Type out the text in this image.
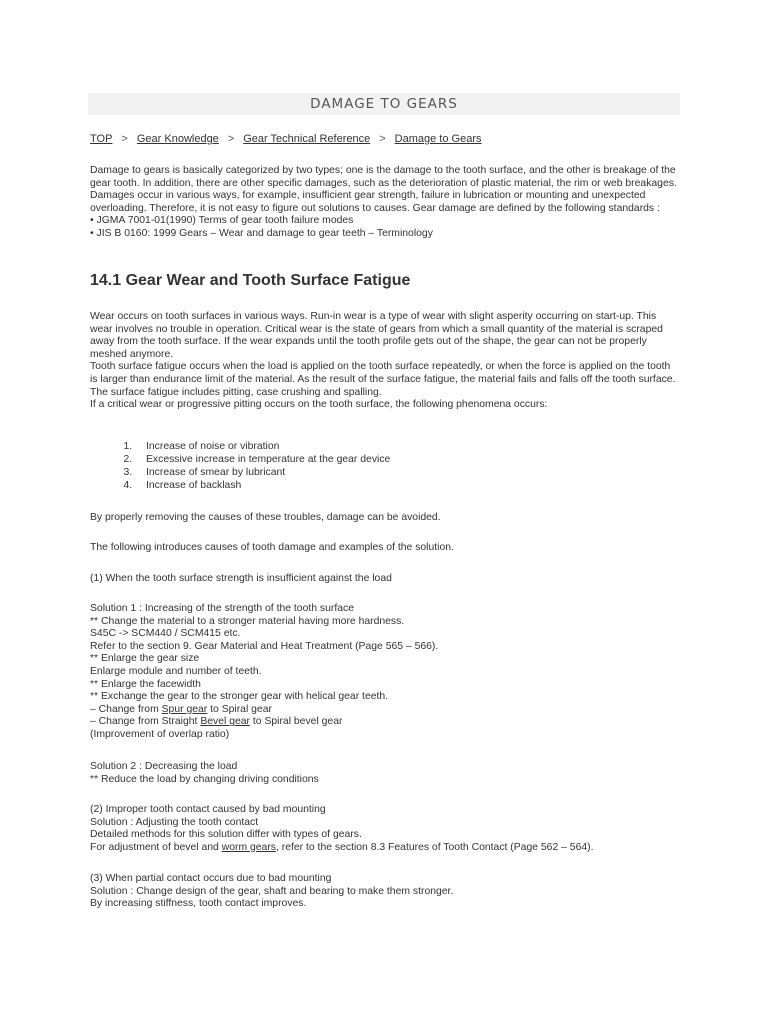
DAMAGE TO GEARS
TOP > Gear Knowledge > Gear Technical Reference > Damage to Gears

Damage to gears is basically categorized by two types; one is the damage to the tooth surface, and the other is breakage of the gear tooth. In addition, there are other specific damages, such as the deterioration of plastic material, the rim or web breakages.

Damages occur in various ways, for example, insufficient gear strength, failure in lubrication or mounting and unexpected overloading. Therefore, it is not easy to figure out solutions to causes. Gear damage are defined by the following standards :

• JGMA 7001-01(1990) Terms of gear tooth failure modes

• JIS B 0160: 1999 Gears – Wear and damage to gear teeth – Terminology

14.1 Gear Wear and Tooth Surface Fatigue

Wear occurs on tooth surfaces in various ways. Run-in wear is a type of wear with slight asperity occurring on start-up. This wear involves no trouble in operation. Critical wear is the state of gears from which a small quantity of the material is scraped away from the tooth surface. If the wear expands until the tooth profile gets out of the shape, the gear can not be properly meshed anymore.

Tooth surface fatigue occurs when the load is applied on the tooth surface repeatedly, or when the force is applied on the tooth is larger than endurance limit of the material. As the result of the surface fatigue, the material fails and falls off the tooth surface.

The surface fatigue includes pitting, case crushing and spalling.

If a critical wear or progressive pitting occurs on the tooth surface, the following phenomena occurs:

1. Increase of noise or vibration
2. Excessive increase in temperature at the gear device
3. Increase of smear by lubricant
4. Increase of backlash

By properly removing the causes of these troubles, damage can be avoided.

The following introduces causes of tooth damage and examples of the solution.

(1) When the tooth surface strength is insufficient against the load

Solution 1 : Increasing of the strength of the tooth surface

** Change the material to a stronger material having more hardness.

S45C -> SCM440 / SCM415 etc.

Refer to the section 9. Gear Material and Heat Treatment (Page 565 – 566).

** Enlarge the gear size

Enlarge module and number of teeth.

** Enlarge the facewidth

** Exchange the gear to the stronger gear with helical gear teeth.

– Change from Spur gear to Spiral gear

– Change from Straight Bevel gear to Spiral bevel gear

(Improvement of overlap ratio)

Solution 2 : Decreasing the load

** Reduce the load by changing driving conditions

(2) Improper tooth contact caused by bad mounting

Solution : Adjusting the tooth contact

Detailed methods for this solution differ with types of gears.

For adjustment of bevel and worm gears, refer to the section 8.3 Features of Tooth Contact (Page 562 – 564).

(3) When partial contact occurs due to bad mounting

Solution : Change design of the gear, shaft and bearing to make them stronger.

By increasing stiffness, tooth contact improves.
